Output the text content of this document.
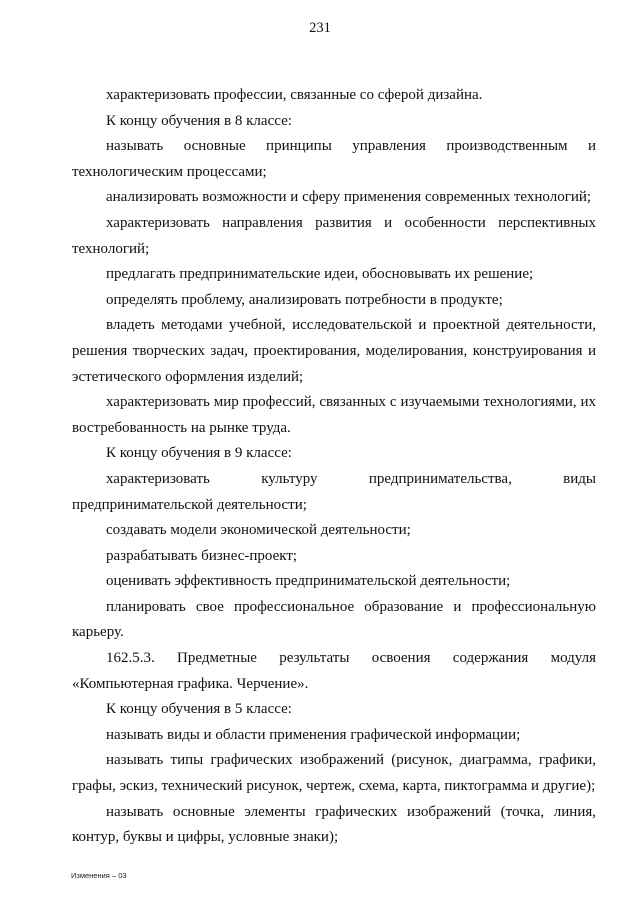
231

характеризовать профессии, связанные со сферой дизайна.

К концу обучения в 8 классе:

называть основные принципы управления производственным и технологическим процессами;

анализировать возможности и сферу применения современных технологий;

характеризовать направления развития и особенности перспективных технологий;

предлагать предпринимательские идеи, обосновывать их решение;

определять проблему, анализировать потребности в продукте;

владеть методами учебной, исследовательской и проектной деятельности, решения творческих задач, проектирования, моделирования, конструирования и эстетического оформления изделий;

характеризовать мир профессий, связанных с изучаемыми технологиями, их востребованность на рынке труда.

К концу обучения в 9 классе:

характеризовать культуру предпринимательства, виды предпринимательской деятельности;

создавать модели экономической деятельности;

разрабатывать бизнес-проект;

оценивать эффективность предпринимательской деятельности;

планировать свое профессиональное образование и профессиональную карьеру.

162.5.3. Предметные результаты освоения содержания модуля «Компьютерная графика. Черчение».

К концу обучения в 5 классе:

называть виды и области применения графической информации;

называть типы графических изображений (рисунок, диаграмма, графики, графы, эскиз, технический рисунок, чертеж, схема, карта, пиктограмма и другие);

называть основные элементы графических изображений (точка, линия, контур, буквы и цифры, условные знаки);

Изменения – 03
